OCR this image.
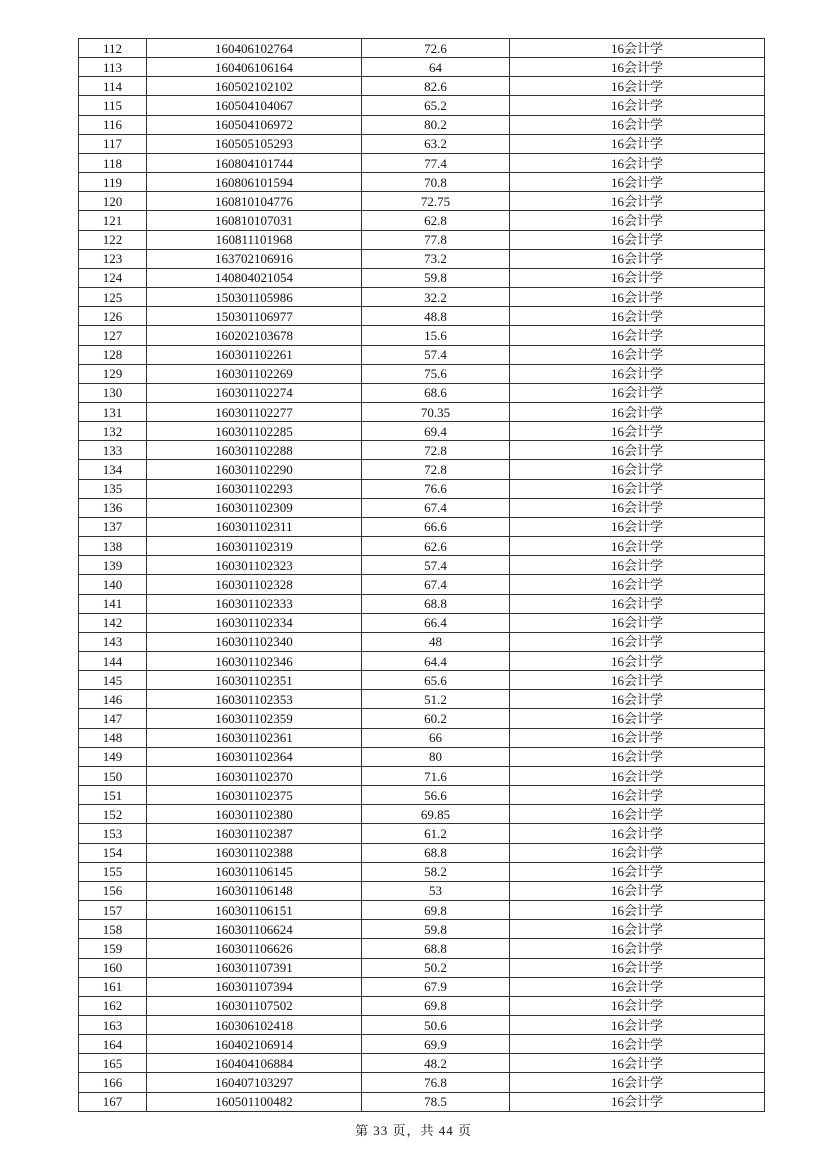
112	160406102764	72.6	16会计学
113	160406106164	64	16会计学
114	160502102102	82.6	16会计学
115	160504104067	65.2	16会计学
116	160504106972	80.2	16会计学
117	160505105293	63.2	16会计学
118	160804101744	77.4	16会计学
119	160806101594	70.8	16会计学
120	160810104776	72.75	16会计学
121	160810107031	62.8	16会计学
122	160811101968	77.8	16会计学
123	163702106916	73.2	16会计学
124	140804021054	59.8	16会计学
125	150301105986	32.2	16会计学
126	150301106977	48.8	16会计学
127	160202103678	15.6	16会计学
128	160301102261	57.4	16会计学
129	160301102269	75.6	16会计学
130	160301102274	68.6	16会计学
131	160301102277	70.35	16会计学
132	160301102285	69.4	16会计学
133	160301102288	72.8	16会计学
134	160301102290	72.8	16会计学
135	160301102293	76.6	16会计学
136	160301102309	67.4	16会计学
137	160301102311	66.6	16会计学
138	160301102319	62.6	16会计学
139	160301102323	57.4	16会计学
140	160301102328	67.4	16会计学
141	160301102333	68.8	16会计学
142	160301102334	66.4	16会计学
143	160301102340	48	16会计学
144	160301102346	64.4	16会计学
145	160301102351	65.6	16会计学
146	160301102353	51.2	16会计学
147	160301102359	60.2	16会计学
148	160301102361	66	16会计学
149	160301102364	80	16会计学
150	160301102370	71.6	16会计学
151	160301102375	56.6	16会计学
152	160301102380	69.85	16会计学
153	160301102387	61.2	16会计学
154	160301102388	68.8	16会计学
155	160301106145	58.2	16会计学
156	160301106148	53	16会计学
157	160301106151	69.8	16会计学
158	160301106624	59.8	16会计学
159	160301106626	68.8	16会计学
160	160301107391	50.2	16会计学
161	160301107394	67.9	16会计学
162	160301107502	69.8	16会计学
163	160306102418	50.6	16会计学
164	160402106914	69.9	16会计学
165	160404106884	48.2	16会计学
166	160407103297	76.8	16会计学
167	160501100482	78.5	16会计学
第 33 页，共 44 页
